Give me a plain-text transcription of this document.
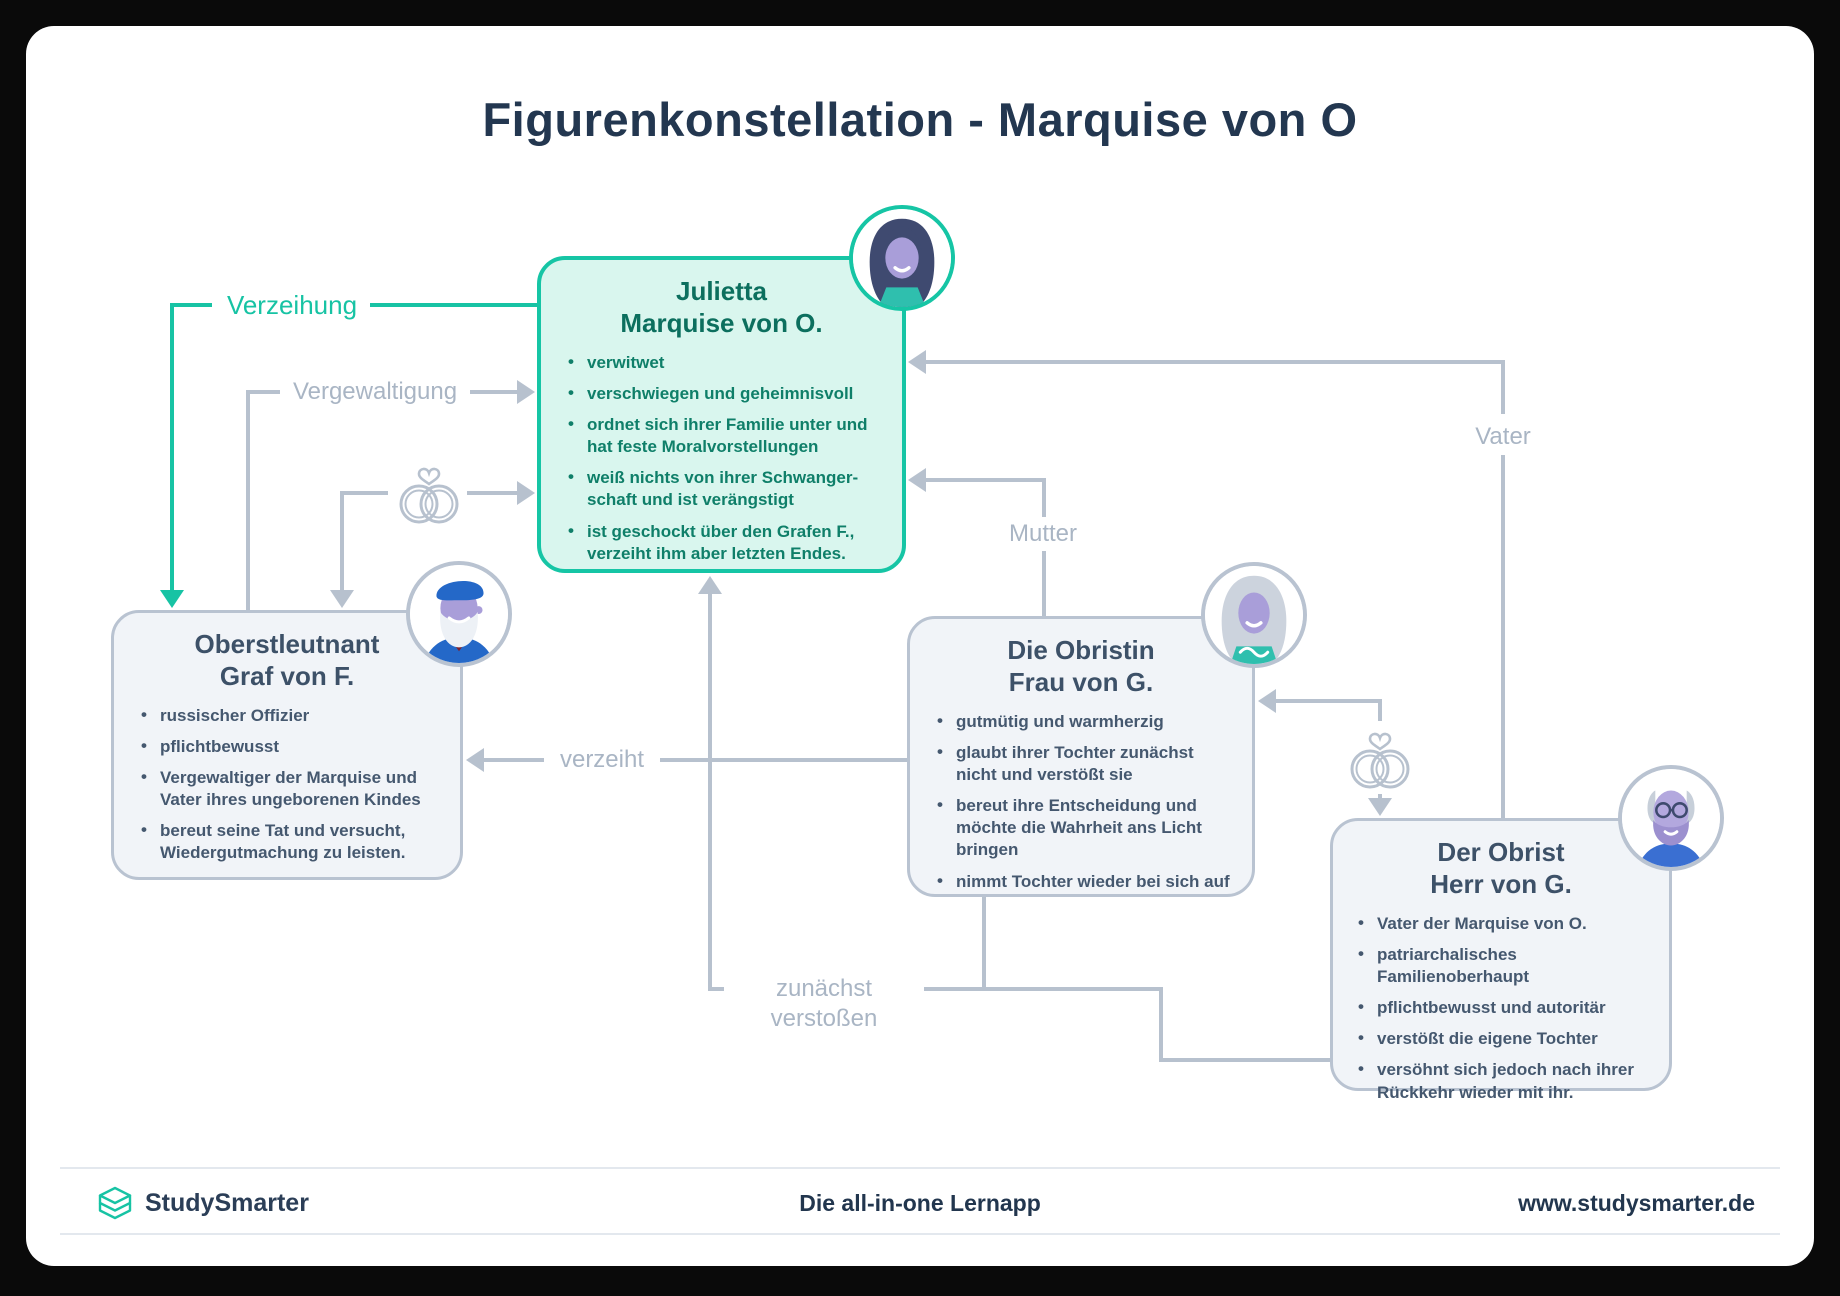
Figurenkonstellation - Marquise von O
Verzeihung
Vergewaltigung
Vater
Mutter
verzeiht
zunächst verstoßen
Julietta
Marquise von O.
• verwitwet
• verschwiegen und geheimnisvoll
• ordnet sich ihrer Familie unter und hat feste Moralvorstellungen
• weiß nichts von ihrer Schwanger-schaft und ist verängstigt
• ist geschockt über den Grafen F., verzeiht ihm aber letzten Endes.
Oberstleutnant
Graf von F.
• russischer Offizier
• pflichtbewusst
• Vergewaltiger der Marquise und Vater ihres ungeborenen Kindes
• bereut seine Tat und versucht, Wiedergutmachung zu leisten.
Die Obristin
Frau von G.
• gutmütig und warmherzig
• glaubt ihrer Tochter zunächst nicht und verstößt sie
• bereut ihre Entscheidung und möchte die Wahrheit ans Licht bringen
• nimmt Tochter wieder bei sich auf
Der Obrist
Herr von G.
• Vater der Marquise von O.
• patriarchalisches Familienoberhaupt
• pflichtbewusst und autoritär
• verstößt die eigene Tochter
• versöhnt sich jedoch nach ihrer Rückkehr wieder mit ihr.
StudySmarter	Die all-in-one Lernapp	www.studysmarter.de
